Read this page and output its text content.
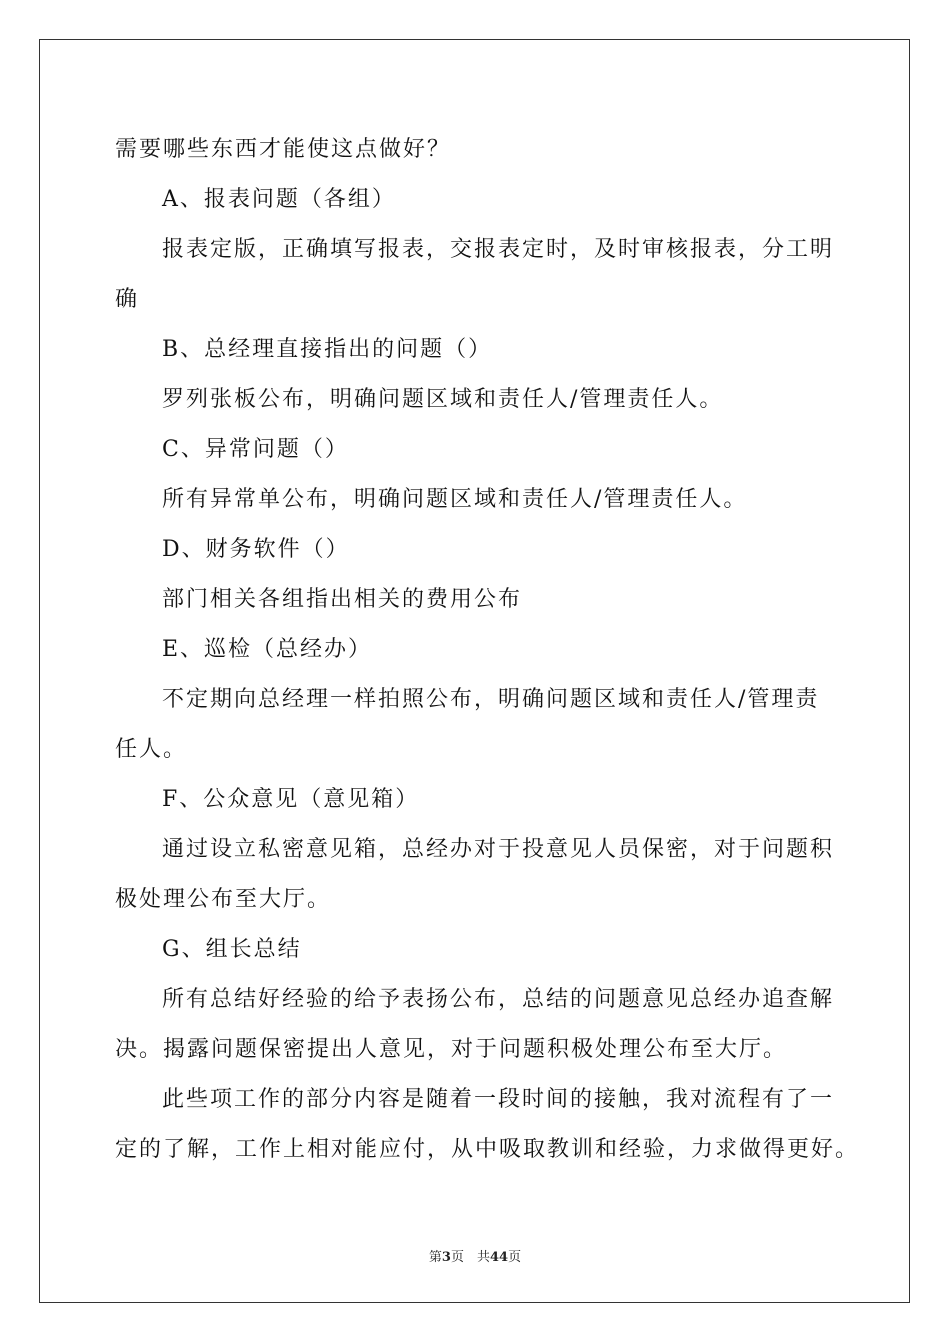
需要哪些东西才能使这点做好？
A、报表问题（各组）
报表定版，正确填写报表，交报表定时，及时审核报表，分工明
确
B、总经理直接指出的问题（）
罗列张板公布，明确问题区域和责任人/管理责任人。
C、异常问题（）
所有异常单公布，明确问题区域和责任人/管理责任人。
D、财务软件（）
部门相关各组指出相关的费用公布
E、巡检（总经办）
不定期向总经理一样拍照公布，明确问题区域和责任人/管理责
任人。
F、公众意见（意见箱）
通过设立私密意见箱，总经办对于投意见人员保密，对于问题积
极处理公布至大厅。
G、组长总结
所有总结好经验的给予表扬公布，总结的问题意见总经办追查解
决。揭露问题保密提出人意见，对于问题积极处理公布至大厅。
此些项工作的部分内容是随着一段时间的接触，我对流程有了一
定的了解，工作上相对能应付，从中吸取教训和经验，力求做得更好。
第3页　共44页
